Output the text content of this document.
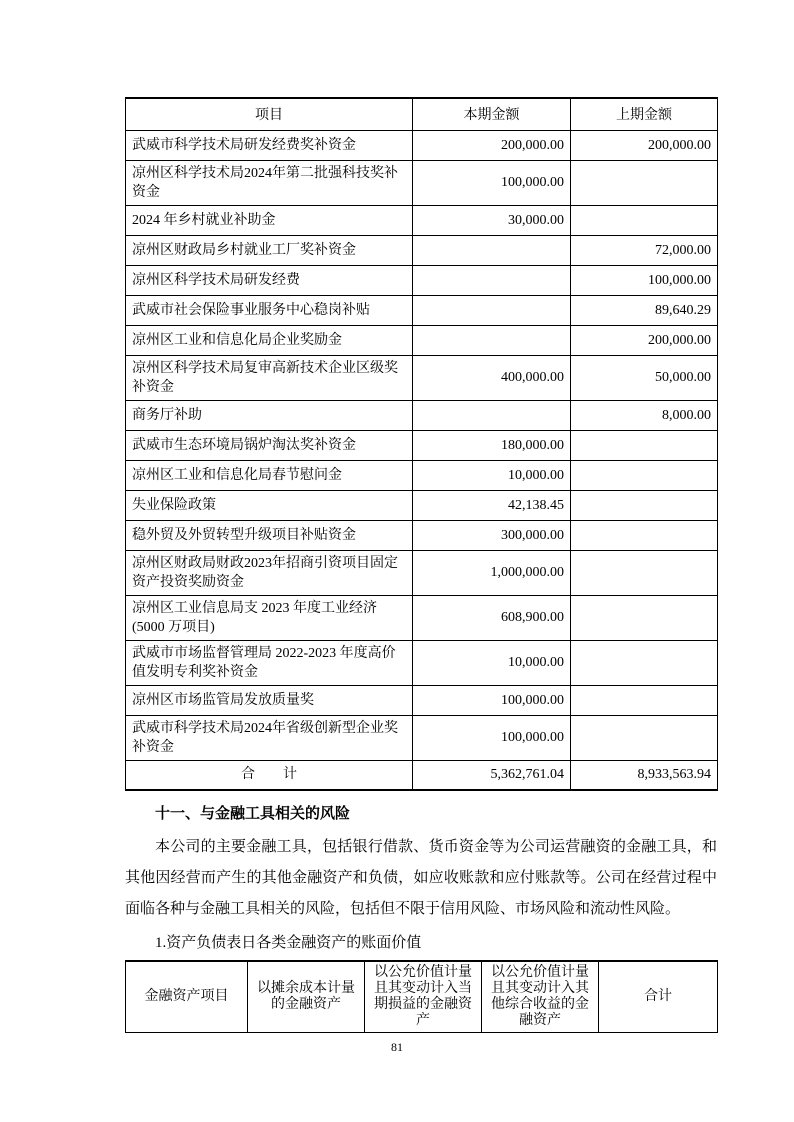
项目	本期金额	上期金额
武威市科学技术局研发经费奖补资金	200,000.00	200,000.00
凉州区科学技术局2024年第二批强科技奖补资金	100,000.00	
2024 年乡村就业补助金	30,000.00	
凉州区财政局乡村就业工厂奖补资金		72,000.00
凉州区科学技术局研发经费		100,000.00
武威市社会保险事业服务中心稳岗补贴		89,640.29
凉州区工业和信息化局企业奖励金		200,000.00
凉州区科学技术局复审高新技术企业区级奖补资金	400,000.00	50,000.00
商务厅补助		8,000.00
武威市生态环境局锅炉淘汰奖补资金	180,000.00	
凉州区工业和信息化局春节慰问金	10,000.00	
失业保险政策	42,138.45	
稳外贸及外贸转型升级项目补贴资金	300,000.00	
凉州区财政局财政2023年招商引资项目固定资产投资奖励资金	1,000,000.00	
凉州区工业信息局支 2023 年度工业经济(5000 万项目)	608,900.00	
武威市市场监督管理局 2022-2023 年度高价值发明专利奖补资金	10,000.00	
凉州区市场监管局发放质量奖	100,000.00	
武威市科学技术局2024年省级创新型企业奖补资金	100,000.00	
合　　计	5,362,761.04	8,933,563.94
十一、与金融工具相关的风险
本公司的主要金融工具，包括银行借款、货币资金等为公司运营融资的金融工具，和其他因经营而产生的其他金融资产和负债，如应收账款和应付账款等。公司在经营过程中面临各种与金融工具相关的风险，包括但不限于信用风险、市场风险和流动性风险。
1.资产负债表日各类金融资产的账面价值
金融资产项目	以摊余成本计量的金融资产	以公允价值计量且其变动计入当期损益的金融资产	以公允价值计量且其变动计入其他综合收益的金融资产	合计
81
